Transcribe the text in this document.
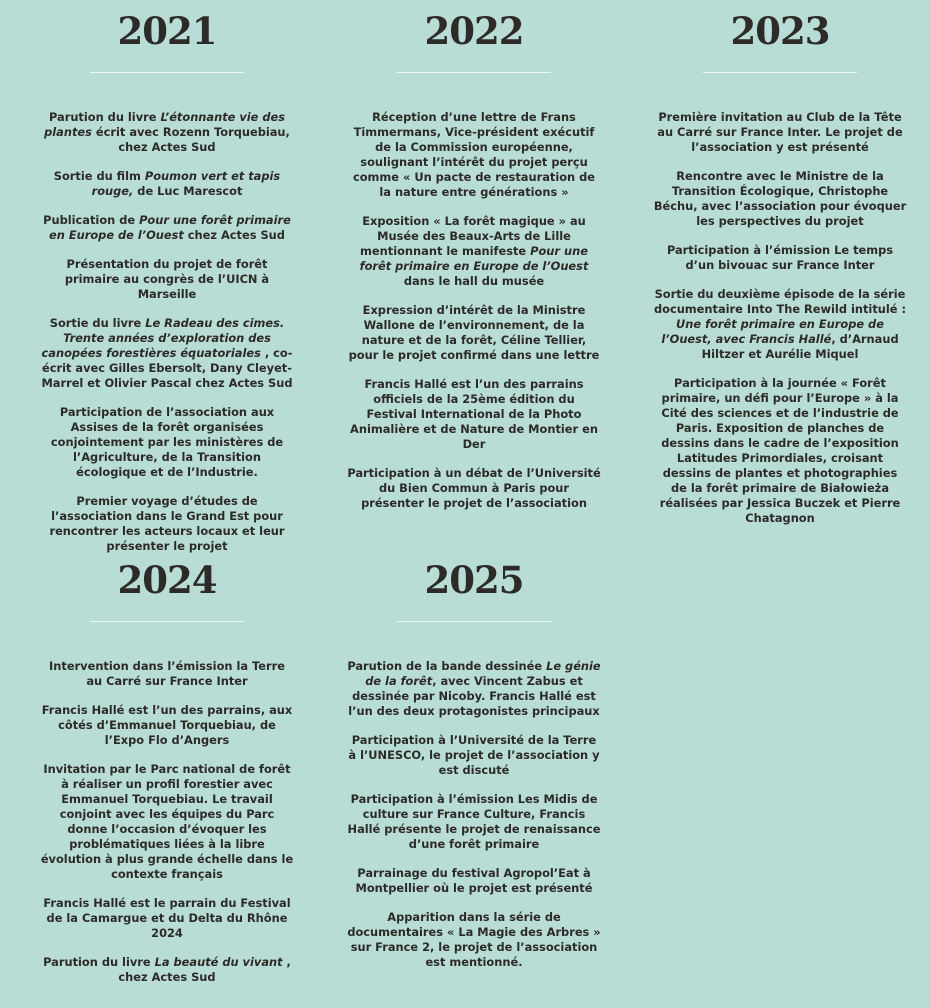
2021

Parution du livre L’étonnante vie des plantes écrit avec Rozenn Torquebiau, chez Actes Sud

Sortie du film Poumon vert et tapis rouge, de Luc Marescot

Publication de Pour une forêt primaire en Europe de l’Ouest chez Actes Sud

Présentation du projet de forêt primaire au congrès de l’UICN à Marseille

Sortie du livre Le Radeau des cimes. Trente années d’exploration des canopées forestières équatoriales , co-écrit avec Gilles Ebersolt, Dany Cleyet-Marrel et Olivier Pascal chez Actes Sud

Participation de l’association aux Assises de la forêt organisées conjointement par les ministères de l’Agriculture, de la Transition écologique et de l’Industrie.

Premier voyage d’études de l’association dans le Grand Est pour rencontrer les acteurs locaux et leur présenter le projet

2022

Réception d’une lettre de Frans Timmermans, Vice-président exécutif de la Commission européenne, soulignant l’intérêt du projet perçu comme « Un pacte de restauration de la nature entre générations »

Exposition « La forêt magique » au Musée des Beaux-Arts de Lille mentionnant le manifeste Pour une forêt primaire en Europe de l’Ouest dans le hall du musée

Expression d’intérêt de la Ministre Wallone de l’environnement, de la nature et de la forêt, Céline Tellier, pour le projet confirmé dans une lettre

Francis Hallé est l’un des parrains officiels de la 25ème édition du Festival International de la Photo Animalière et de Nature de Montier en Der

Participation à un débat de l’Université du Bien Commun à Paris pour présenter le projet de l’association

2023

Première invitation au Club de la Tête au Carré sur France Inter. Le projet de l’association y est présenté

Rencontre avec le Ministre de la Transition Écologique, Christophe Béchu, avec l’association pour évoquer les perspectives du projet

Participation à l’émission Le temps d’un bivouac sur France Inter

Sortie du deuxième épisode de la série documentaire Into The Rewild intitulé : Une forêt primaire en Europe de l’Ouest, avec Francis Hallé, d’Arnaud Hiltzer et Aurélie Miquel

Participation à la journée « Forêt primaire, un défi pour l’Europe » à la Cité des sciences et de l’industrie de Paris. Exposition de planches de dessins dans le cadre de l’exposition Latitudes Primordiales, croisant dessins de plantes et photographies de la forêt primaire de Białowieża réalisées par Jessica Buczek et Pierre Chatagnon

2024

Intervention dans l’émission la Terre au Carré sur France Inter

Francis Hallé est l’un des parrains, aux côtés d’Emmanuel Torquebiau, de l’Expo Flo d’Angers

Invitation par le Parc national de forêt à réaliser un profil forestier avec Emmanuel Torquebiau. Le travail conjoint avec les équipes du Parc donne l’occasion d’évoquer les problématiques liées à la libre évolution à plus grande échelle dans le contexte français

Francis Hallé est le parrain du Festival de la Camargue et du Delta du Rhône 2024

Parution du livre La beauté du vivant , chez Actes Sud

2025

Parution de la bande dessinée Le génie de la forêt, avec Vincent Zabus et dessinée par Nicoby. Francis Hallé est l’un des deux protagonistes principaux

Participation à l’Université de la Terre à l’UNESCO, le projet de l’association y est discuté

Participation à l’émission Les Midis de culture sur France Culture, Francis Hallé présente le projet de renaissance d’une forêt primaire

Parrainage du festival Agropol’Eat à Montpellier où le projet est présenté

Apparition dans la série de documentaires « La Magie des Arbres » sur France 2, le projet de l’association est mentionné.
